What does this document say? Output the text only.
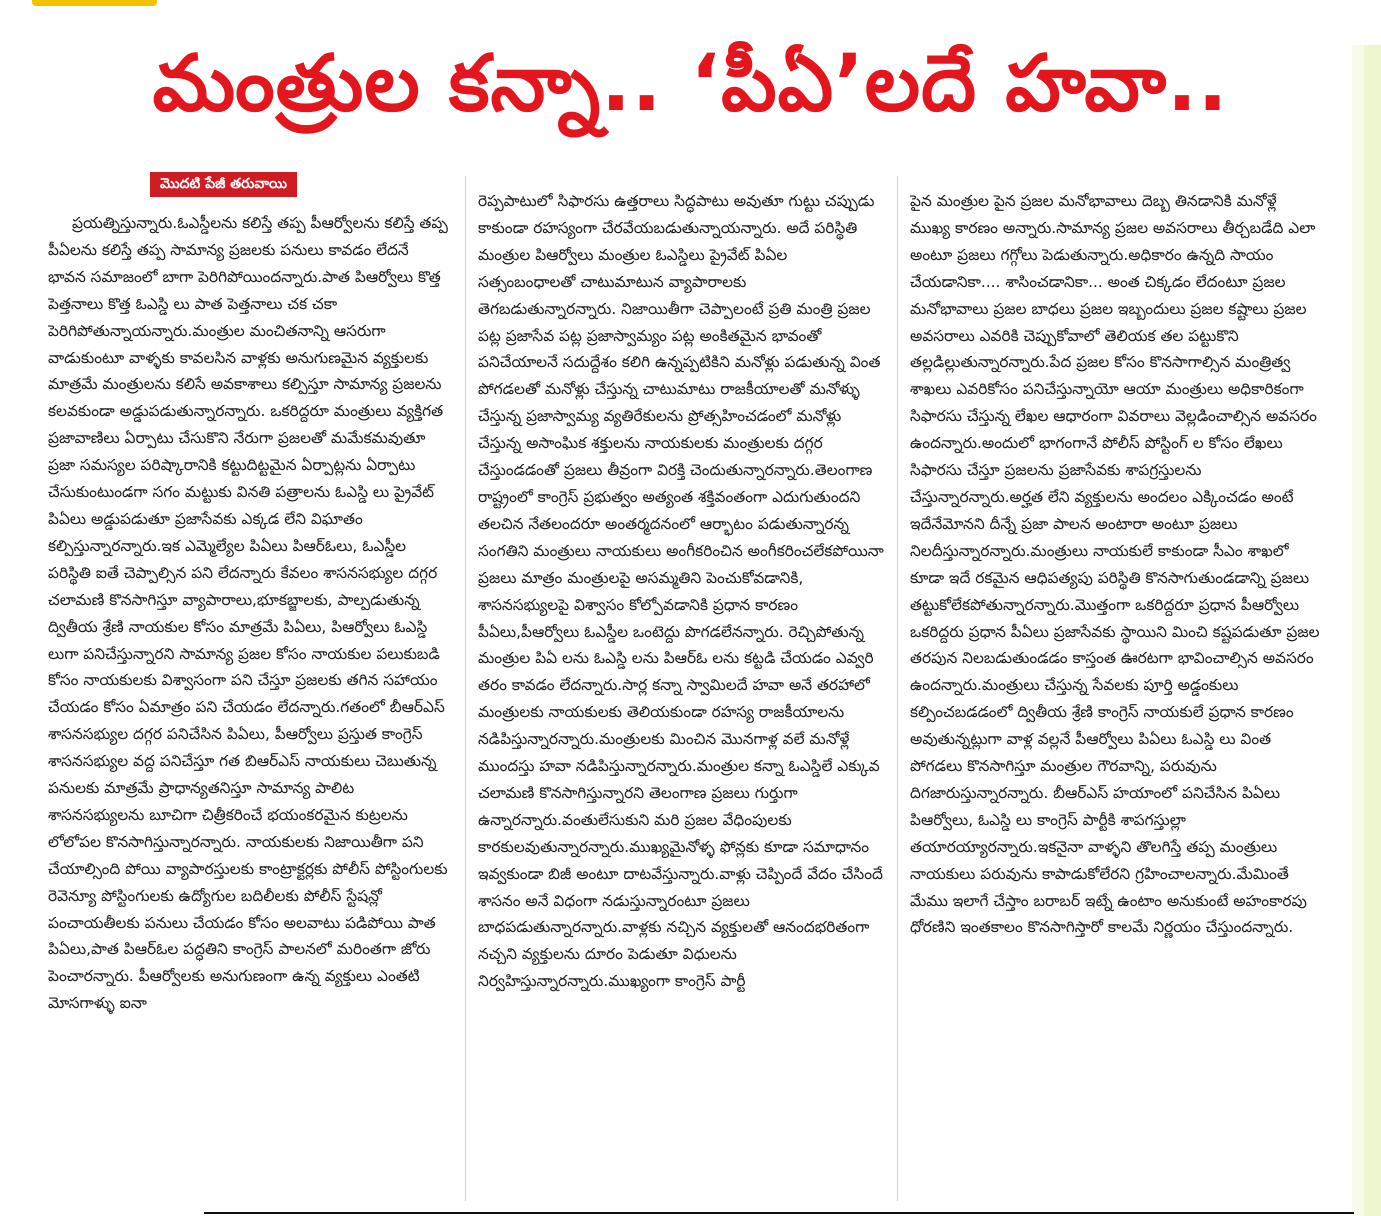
మంత్రుల కన్నా.. ‘పీఏ’లదే హవా..
మొదటి పేజీ తరువాయి
ప్రయత్నిస్తున్నారు.ఓఎస్డీలను కలిస్తే తప్ప పీఆర్వోలను కలిస్తే తప్ప పీఏలను కలిస్తే తప్ప సామాన్య ప్రజలకు పనులు కావడం లేదనే భావన సమాజంలో బాగా పెరిగిపోయిందన్నారు.పాత పిఆర్వోలు కొత్త పెత్తనాలు కొత్త ఓఎస్డి లు పాత పెత్తనాలు చక చకా పెరిగిపోతున్నాయన్నారు.మంత్రుల మంచితనాన్ని ఆసరుగా వాడుకుంటూ వాళ్ళకు కావలసిన వాళ్లకు అనుగుణమైన వ్యక్తులకు మాత్రమే మంత్రులను కలిసే అవకాశాలు కల్పిస్తూ సామాన్య ప్రజలను కలవకుండా అడ్డుపడుతున్నారన్నారు. ఒకరిద్దరూ మంత్రులు వ్యక్తిగత ప్రజావాణిలు ఏర్పాటు చేసుకొని నేరుగా ప్రజలతో మమేకమవుతూ ప్రజా సమస్యల పరిష్కారానికి కట్టుదిట్టమైన ఏర్పాట్లను ఏర్పాటు చేసుకుంటుండగా సగం మట్టుకు వినతి పత్రాలను ఓఎస్డి లు ప్రైవేట్ పిఏలు అడ్డుపడుతూ ప్రజాసేవకు ఎక్కడ లేని విఘాతం కల్పిస్తున్నారన్నారు.ఇక ఎమ్మెల్యేల పిఏలు పిఆర్ఓలు, ఓఎస్డీల పరిస్థితి ఐతే చెప్పాల్సిన పని లేదన్నారు కేవలం శాసనసభ్యుల దగ్గర చలామణి కొనసాగిస్తూ వ్యాపారాలు,భూకబ్జాలకు, పాల్పడుతున్న ద్వితీయ శ్రేణి నాయకుల కోసం మాత్రమే పిఏలు, పిఆర్వోలు ఓఎస్డి లుగా పనిచేస్తున్నారని సామాన్య ప్రజల కోసం నాయకుల పలుకుబడి కోసం నాయకులకు విశ్వాసంగా పని చేస్తూ ప్రజలకు తగిన సహాయం చేయడం కోసం ఏమాత్రం పని చేయడం లేదన్నారు.గతంలో బీఆర్ఎస్ శాసనసభ్యుల దగ్గర పనిచేసిన పిఏలు, పీఆర్వోలు ప్రస్తుత కాంగ్రెస్ శాసనసభ్యుల వద్ద పనిచేస్తూ గత బిఆర్ఎస్ నాయకులు చెబుతున్న పనులకు మాత్రమే ప్రాధాన్యతనిస్తూ సామాన్య పాలిట శాసనసభ్యులను బూచిగా చిత్రీకరించే భయంకరమైన కుట్రలను లోలోపల కొనసాగిస్తున్నారన్నారు. నాయకులకు నిజాయితీగా పని చేయాల్సింది పోయి వ్యాపారస్తులకు కాంట్రాక్టర్లకు పోలీస్ పోస్టింగులకు రెవెన్యూ పోస్టింగులకు ఉద్యోగుల బదిలీలకు పోలీస్ స్టేషన్లో పంచాయతీలకు పనులు చేయడం కోసం అలవాటు పడిపోయి పాత పిఏలు,పాత పిఆర్ఓల పద్ధతిని కాంగ్రెస్ పాలనలో మరింతగా జోరు పెంచారన్నారు. పీఆర్వోలకు అనుగుణంగా ఉన్న వ్యక్తులు ఎంతటి మోసగాళ్ళు ఐనా
రెప్పపాటులో సిఫారసు ఉత్తరాలు సిద్ధపాటు అవుతూ గుట్టు చప్పుడు కాకుండా రహస్యంగా చేరవేయబడుతున్నాయన్నారు. అదే పరిస్థితి మంత్రుల పిఆర్వోలు మంత్రుల ఓఎస్డిలు ప్రైవేట్ పిఏల సత్సంబంధాలతో చాటుమాటున వ్యాపారాలకు తెగబడుతున్నారన్నారు. నిజాయితీగా చెప్పాలంటే ప్రతి మంత్రి ప్రజల పట్ల ప్రజాసేవ పట్ల ప్రజాస్వామ్యం పట్ల అంకితమైన భావంతో పనిచేయాలనే సదుద్దేశం కలిగి ఉన్నప్పటికిని మనోళ్లు పడుతున్న వింత పోగడలతో మనోళ్లు చేస్తున్న చాటుమాటు రాజకీయాలతో మనోళ్ళు చేస్తున్న ప్రజాస్వామ్య వ్యతిరేకులను ప్రోత్సహించడంలో మనోళ్లు చేస్తున్న అసాంఘిక శక్తులను నాయకులకు మంత్రులకు దగ్గర చేస్తుండడంతో ప్రజలు తీవ్రంగా విరక్తి చెందుతున్నారన్నారు.తెలంగాణ రాష్ట్రంలో కాంగ్రెస్ ప్రభుత్వం అత్యంత శక్తివంతంగా ఎదుగుతుందని తలచిన నేతలందరూ అంతర్మదనంలో ఆర్భాటం పడుతున్నారన్న సంగతిని మంత్రులు నాయకులు అంగీకరించిన అంగీకరించలేకపోయినా ప్రజలు మాత్రం మంత్రులపై అసమ్మతిని పెంచుకోవడానికి, శాసనసభ్యులపై విశ్వాసం కోల్పోవడానికి ప్రధాన కారణం పీఏలు,పీఆర్వోలు ఓఎస్డీల ఒంటెద్దు పొగడలేనన్నారు. రెచ్చిపోతున్న మంత్రుల పిఏ లను ఓఎస్డి లను పిఆర్ఓ లను కట్టడి చేయడం ఎవ్వరి తరం కావడం లేదన్నారు.సార్ల కన్నా స్వామిలదే హవా అనే తరహాలో మంత్రులకు నాయకులకు తెలియకుండా రహస్య రాజకీయాలను నడిపిస్తున్నారన్నారు.మంత్రులకు మించిన మొనగాళ్ల వలే మనోళ్లే ముందస్తు హవా నడిపిస్తున్నారన్నారు.మంత్రుల కన్నా ఓఎస్డిలే ఎక్కువ చలామణి కొనసాగిస్తున్నారని తెలంగాణ ప్రజలు గుర్తుగా ఉన్నారన్నారు.వంతులేసుకుని మరి ప్రజల వేధింపులకు కారకులవుతున్నారన్నారు.ముఖ్యమైనోళ్ళ ఫోన్లకు కూడా సమాధానం ఇవ్వకుండా బిజీ అంటూ దాటవేస్తున్నారు.వాళ్లు చెప్పిందే వేదం చేసిందే శాసనం అనే విధంగా నడుస్తున్నారంటూ ప్రజలు బాధపడుతున్నారన్నారు.వాళ్లకు నచ్చిన వ్యక్తులతో ఆనందభరితంగా నచ్చని వ్యక్తులను దూరం పెడుతూ విధులను నిర్వహిస్తున్నారన్నారు.ముఖ్యంగా కాంగ్రెస్ పార్టీ
పైన మంత్రుల పైన ప్రజల మనోభావాలు దెబ్బ తినడానికి మనోళ్లే ముఖ్య కారణం అన్నారు.సామాన్య ప్రజల అవసరాలు తీర్చబడేది ఎలా అంటూ ప్రజలు గగ్గోలు పెడుతున్నారు.అధికారం ఉన్నది సాయం చేయడానికా.... శాసించడానికా... అంత చిక్కడం లేదంటూ ప్రజల మనోభావాలు ప్రజల బాధలు ప్రజల ఇబ్బందులు ప్రజల కష్టాలు ప్రజల అవసరాలు ఎవరికి చెప్పుకోవాలో తెలియక తల పట్టుకొని తల్లడిల్లుతున్నారన్నారు.పేద ప్రజల కోసం కొనసాగాల్సిన మంత్రిత్వ శాఖలు ఎవరికోసం పనిచేస్తున్నాయో ఆయా మంత్రులు అధికారికంగా సిఫారసు చేస్తున్న లేఖల ఆధారంగా వివరాలు వెల్లడించాల్సిన అవసరం ఉందన్నారు.అందులో భాగంగానే పోలీస్ పోస్టింగ్ ల కోసం లేఖలు సిఫారసు చేస్తూ ప్రజలను ప్రజాసేవకు శాపగ్రస్తులను చేస్తున్నారన్నారు.అర్హత లేని వ్యక్తులను అందలం ఎక్కించడం అంటే ఇదేనేమోనని దీన్నే ప్రజా పాలన అంటారా అంటూ ప్రజలు నిలదీస్తున్నారన్నారు.మంత్రులు నాయకులే కాకుండా సీఎం శాఖలో కూడా ఇదే రకమైన ఆధిపత్యపు పరిస్థితి కొనసాగుతుండడాన్ని ప్రజలు తట్టుకోలేకపోతున్నారన్నారు.మొత్తంగా ఒకరిద్దరూ ప్రధాన పీఆర్వోలు ఒకరిద్దరు ప్రధాన పీఏలు ప్రజాసేవకు స్థాయిని మించి కష్టపడుతూ ప్రజల తరపున నిలబడుతుండడం కాస్తంత ఊరటగా భావించాల్సిన అవసరం ఉందన్నారు.మంత్రులు చేస్తున్న సేవలకు పూర్తి అడ్డంకులు కల్పించబడడంలో ద్వితీయ శ్రేణి కాంగ్రెస్ నాయకులే ప్రధాన కారణం అవుతున్నట్లుగా వాళ్ల వల్లనే పీఆర్వోలు పిఏలు ఓఎస్డి లు వింత పోగడలు కొనసాగిస్తూ మంత్రుల గౌరవాన్ని, పరువును దిగజారుస్తున్నారన్నారు. బీఆర్ఎస్ హయాంలో పనిచేసిన పిఏలు పిఆర్వోలు, ఓఎస్డి లు కాంగ్రెస్ పార్టీకి శాపగస్తుల్లా తయారయ్యారన్నారు.ఇకనైనా వాళ్ళని తొలగిస్తే తప్ప మంత్రులు నాయకులు పరువును కాపాడుకోలేరని గ్రహించాలన్నారు.మేమింతే మేము ఇలాగే చేస్తాం బరాబర్ ఇట్నే ఉంటాం అనుకుంటే అహంకారపు ధోరణిని ఇంతకాలం కొనసాగిస్తారో కాలమే నిర్ణయం చేస్తుందన్నారు.
